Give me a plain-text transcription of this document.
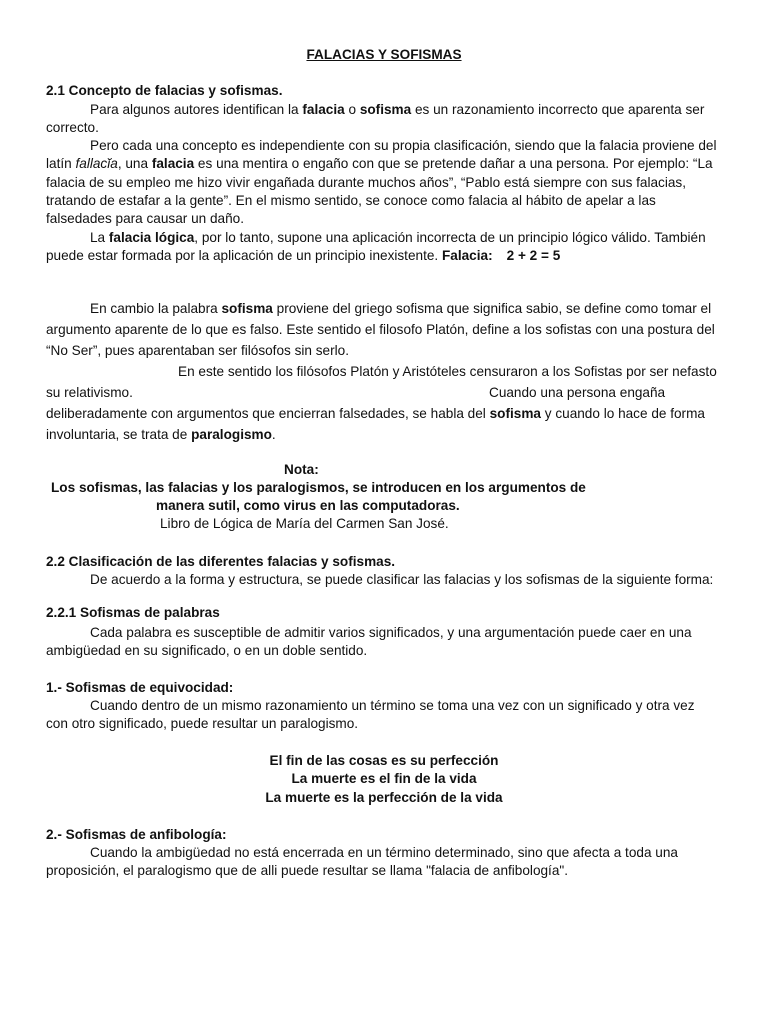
FALACIAS Y SOFISMAS
2.1 Concepto de falacias y sofismas.
Para algunos autores identifican la falacia o sofisma es un razonamiento incorrecto que aparenta ser
correcto.
Pero cada una concepto es independiente con su propia clasificación, siendo que la falacia proviene del
latín fallacĭa, una falacia es una mentira o engaño con que se pretende dañar a una persona. Por ejemplo: “La
falacia de su empleo me hizo vivir engañada durante muchos años”, “Pablo está siempre con sus falacias,
tratando de estafar a la gente”. En el mismo sentido, se conoce como falacia al hábito de apelar a las
falsedades para causar un daño.
La falacia lógica, por lo tanto, supone una aplicación incorrecta de un principio lógico válido. También
puede estar formada por la aplicación de un principio inexistente. Falacia: 2 + 2 = 5
En cambio la palabra sofisma proviene del griego sofisma que significa sabio, se define como tomar el
argumento aparente de lo que es falso. Este sentido el filosofo Platón, define a los sofistas con una postura del
“No Ser”, pues aparentaban ser filósofos sin serlo.
En este sentido los filósofos Platón y Aristóteles censuraron a los Sofistas por ser nefasto
su relativismo.	Cuando una persona engaña
deliberadamente con argumentos que encierran falsedades, se habla del sofisma y cuando lo hace de forma
involuntaria, se trata de paralogismo.
Nota:
Los sofismas, las falacias y los paralogismos, se introducen en los argumentos de
manera sutil, como virus en las computadoras.
Libro de Lógica de María del Carmen San José.
2.2 Clasificación de las diferentes falacias y sofismas.
De acuerdo a la forma y estructura, se puede clasificar las falacias y los sofismas de la siguiente forma:
2.2.1 Sofismas de palabras
Cada palabra es susceptible de admitir varios significados, y una argumentación puede caer en una
ambigüedad en su significado, o en un doble sentido.
1.- Sofismas de equivocidad:
Cuando dentro de un mismo razonamiento un término se toma una vez con un significado y otra vez
con otro significado, puede resultar un paralogismo.
El fin de las cosas es su perfección
La muerte es el fin de la vida
La muerte es la perfección de la vida
2.- Sofismas de anfibología:
Cuando la ambigüedad no está encerrada en un término determinado, sino que afecta a toda una
proposición, el paralogismo que de alli puede resultar se llama "falacia de anfibología".
